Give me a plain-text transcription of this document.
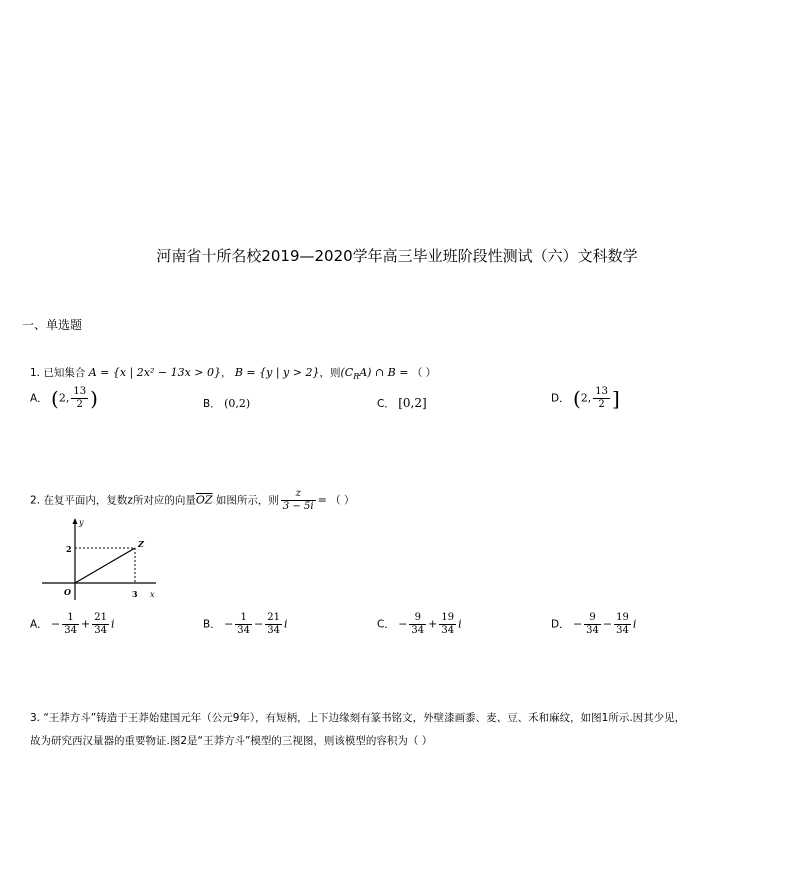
河南省十所名校2019—2020学年高三毕业班阶段性测试（六）文科数学
一、单选题
1. 已知集合 A = {x | 2x² − 13x > 0}， B = {y | y > 2}，则$(C_RA)$ ∩ B = （ ）
A． (2, $\frac{13}{2}$ )	B． (0,2)	C． [0,2]	D． (2, $\frac{13}{2}$ ]
2. 在复平面内，复数z所对应的向量$\overline{OZ}$ 如图所示，则 $\frac{z}{3 - 5i}$ = （ ）
y
x
O
Z
2
3
A． − $\frac{1}{34} + \frac{21}{34}$ i	B． − $\frac{1}{34} - \frac{21}{34}$ i	C． − $\frac{9}{34} + \frac{19}{34}$ i	D． − $\frac{9}{34} - \frac{19}{34}$ i
3. “王莽方斗”铸造于王莽始建国元年（公元9年），有短柄，上下边缘刻有篆书铭文，外壁漆画黍、麦、豆、禾和麻纹，如图1所示.因其少见，
故为研究西汉量器的重要物证.图2是“王莽方斗”模型的三视图，则该模型的容积为（ ）
